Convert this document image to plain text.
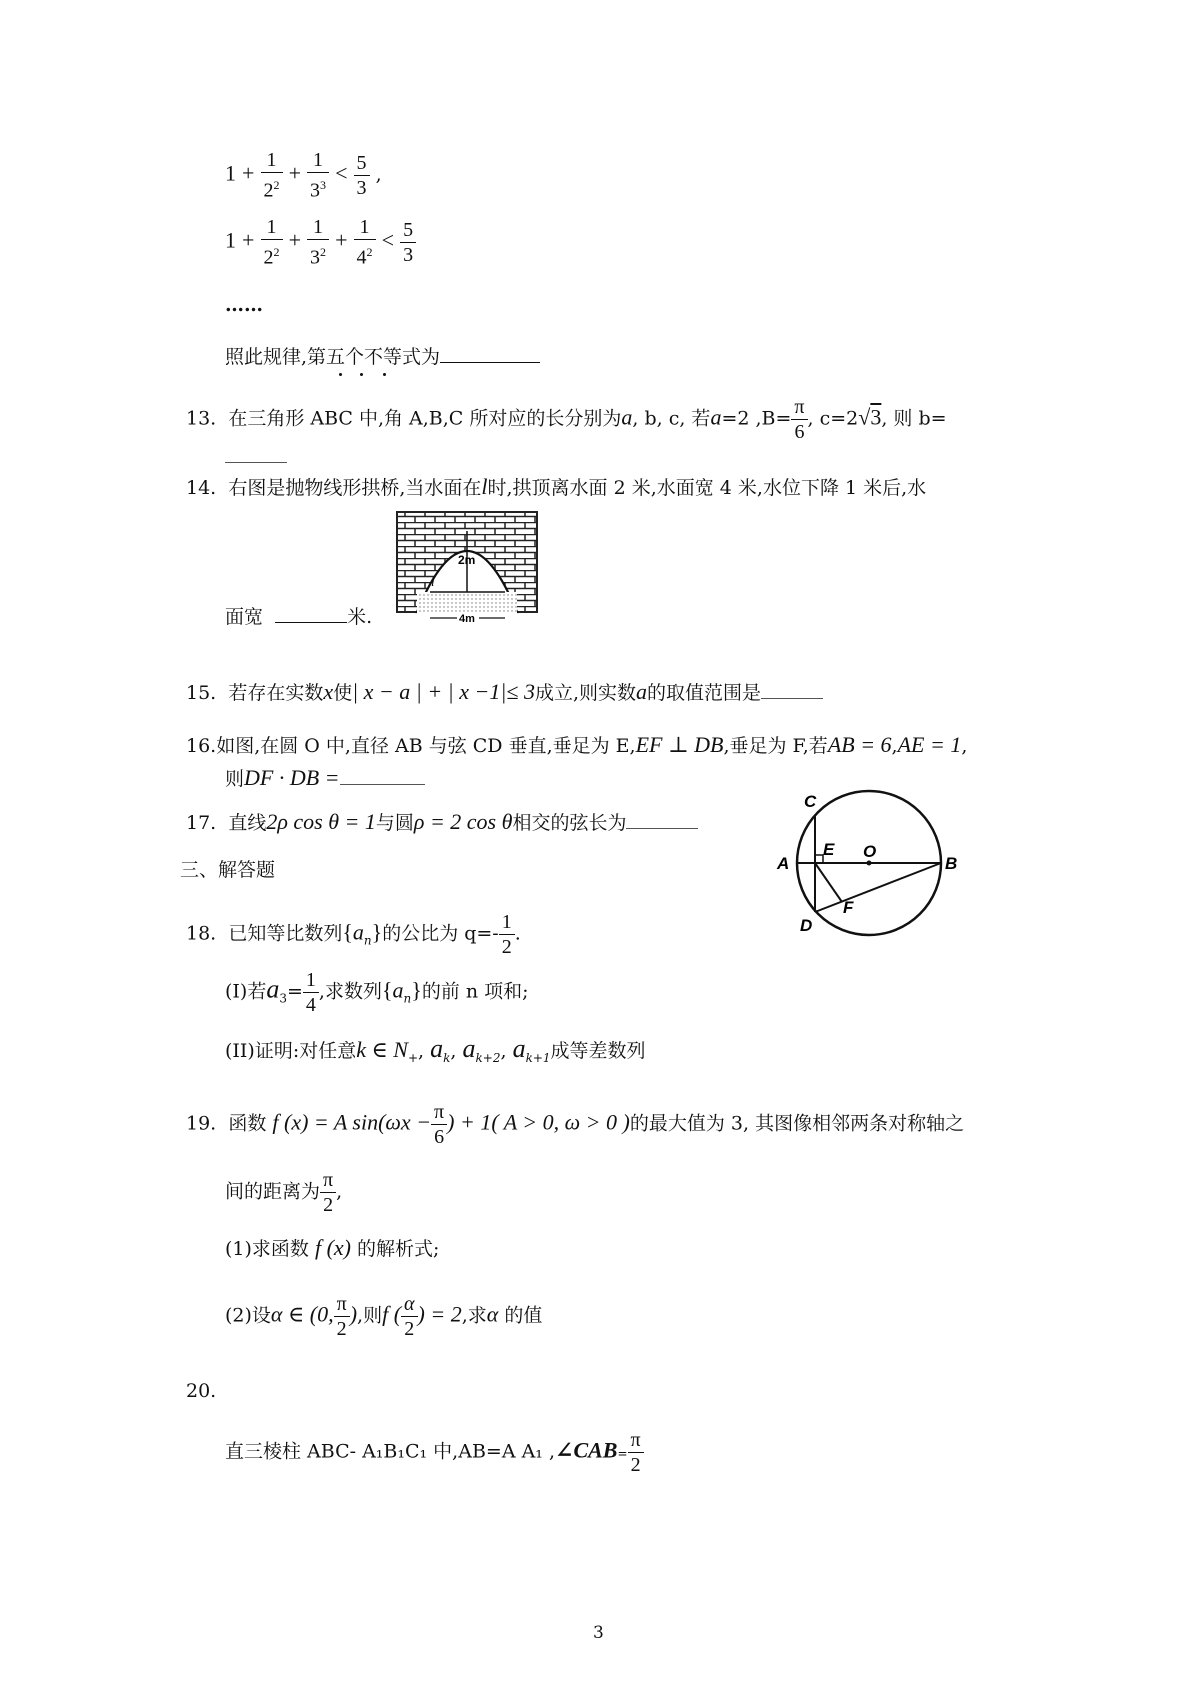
$1 + \frac{1}{2^2} + \frac{1}{3^3} < \frac{5}{3}$ ,
$1 + \frac{1}{2^2} + \frac{1}{3^2} + \frac{1}{4^2} < \frac{5}{3}$
……
照此规律,第五个不等式为
13. 在三角形 ABC 中,角 A,B,C 所对应的长分别为a, b, c, 若a=2 $,B= \frac{\pi}{6}$ , c=2√3, 则 b=
14. 右图是抛物线形拱桥,当水面在l时,拱顶离水面 2 米,水面宽 4 米,水位下降 1 米后,水
2m
l
4m
面宽	米.
15. 若存在实数x使| x − a | + | x −1|≤ 3成立,则实数a的取值范围是
16.如图,在圆 O 中,直径 AB 与弦 CD 垂直,垂足为 E,EF ⊥ DB,垂足为 F,若AB = 6,AE = 1,
则DF · DB =
C
A	B
E O
F
D
17. 直线2ρ cos θ = 1与圆ρ = 2 cos θ相交的弦长为
三、解答题
18. 已知等比数列$\{a_n\}$的公比为 $q=- \frac{1}{2}$ .
(I)若$a_3= \frac{1}{4}$ ,求数列$\{a_n\}$的前 n 项和;
(II)证明:对任意k ∈ $N_+$, $a_k$, $a_{k+2}$, $a_{k+1}$成等差数列
19. 函数 f (x) = A $\sin(\omega x - \frac{\pi}{6}$ ) + 1( A > 0, ω > 0 )的最大值为 3, 其图像相邻两条对称轴之
间的距离为 $\frac{\pi}{2}$ ,
(1)求函数 f (x) 的解析式;
(2)设α ∈ (0, $\frac{\pi}{2}$ ),则f ( $\frac{\alpha}{2}$ ) = 2,求α 的值
20.
直三棱柱 ABC- A₁B₁C₁ 中,AB=A A₁ ,∠CAB= $\frac{\pi}{2}$
3
